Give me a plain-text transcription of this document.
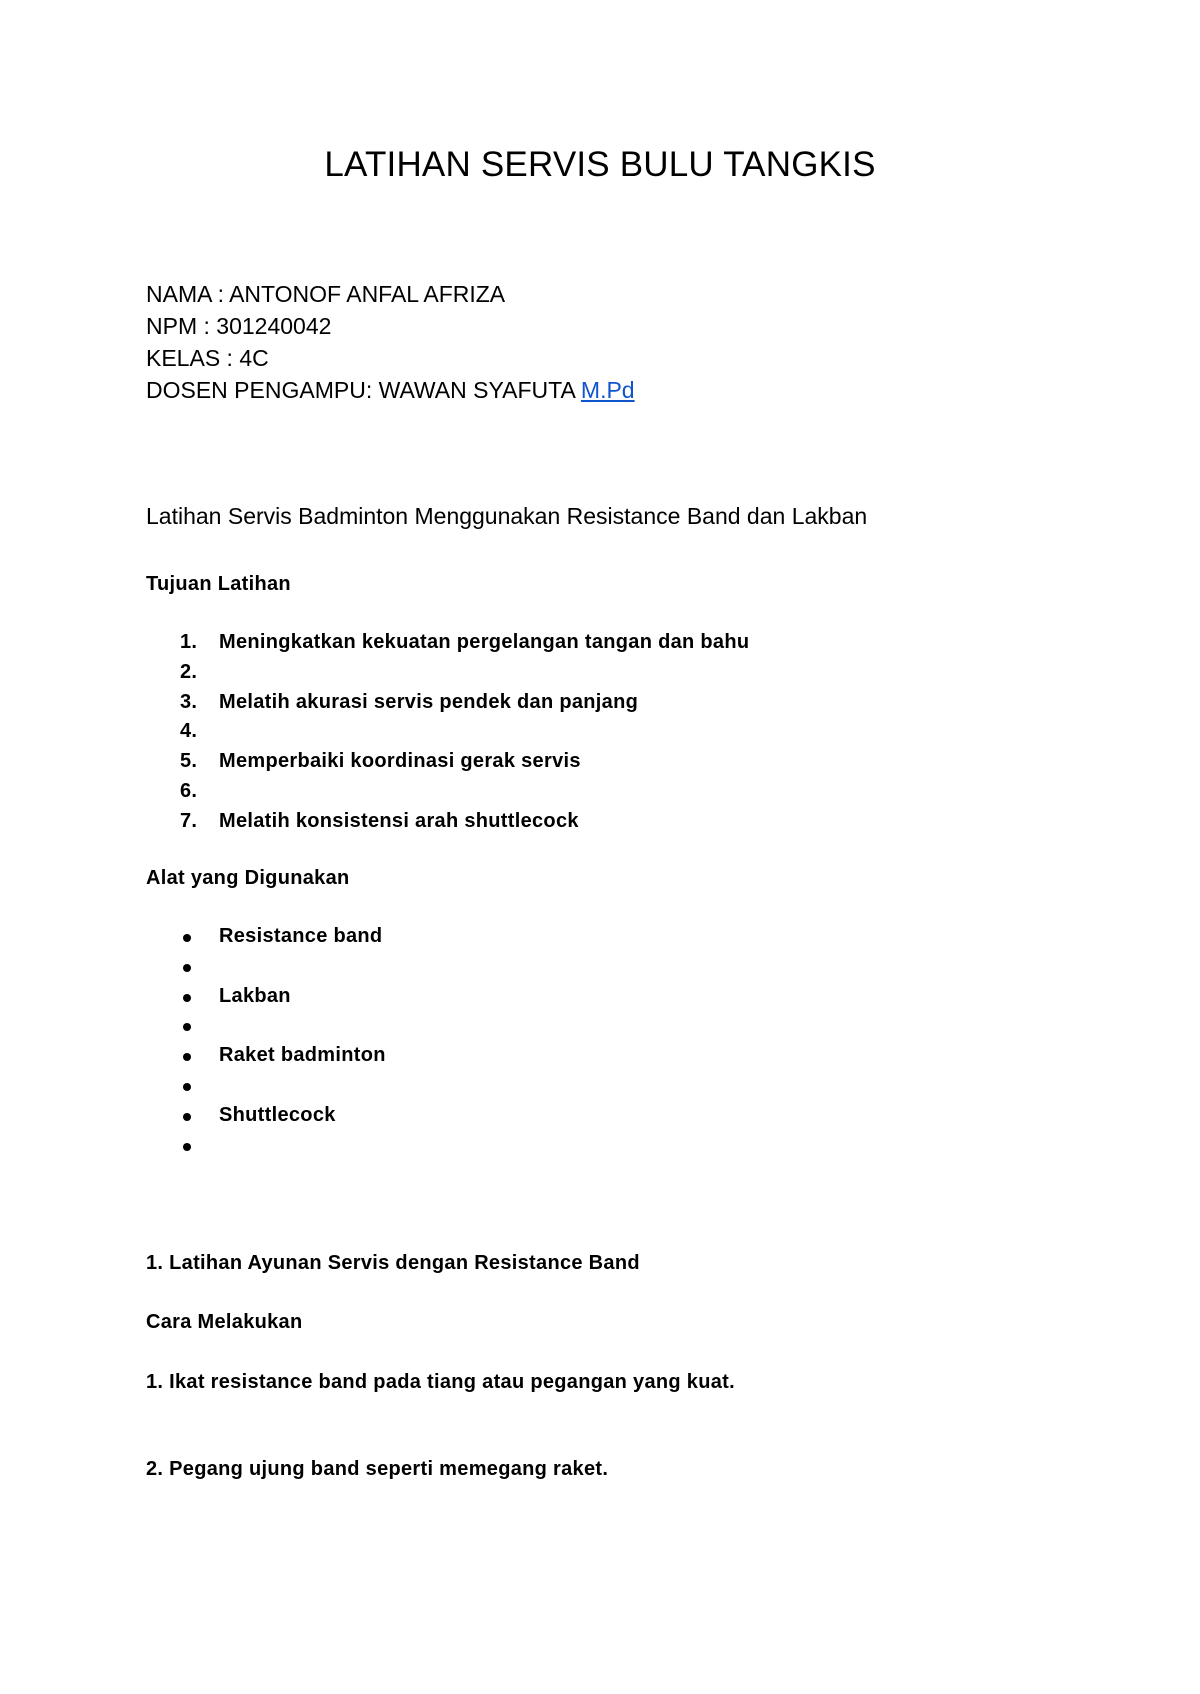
LATIHAN SERVIS BULU TANGKIS
NAMA : ANTONOF ANFAL AFRIZA
NPM : 301240042
KELAS : 4C
DOSEN PENGAMPU: WAWAN SYAFUTA M.Pd
Latihan Servis Badminton Menggunakan Resistance Band dan Lakban
Tujuan Latihan
1.	Meningkatkan kekuatan pergelangan tangan dan bahu
2.
3.	Melatih akurasi servis pendek dan panjang
4.
5.	Memperbaiki koordinasi gerak servis
6.
7.	Melatih konsistensi arah shuttlecock
Alat yang Digunakan
Resistance band
Lakban
Raket badminton
Shuttlecock
1. Latihan Ayunan Servis dengan Resistance Band
Cara Melakukan

1. Ikat resistance band pada tiang atau pegangan yang kuat.

2. Pegang ujung band seperti memegang raket.
